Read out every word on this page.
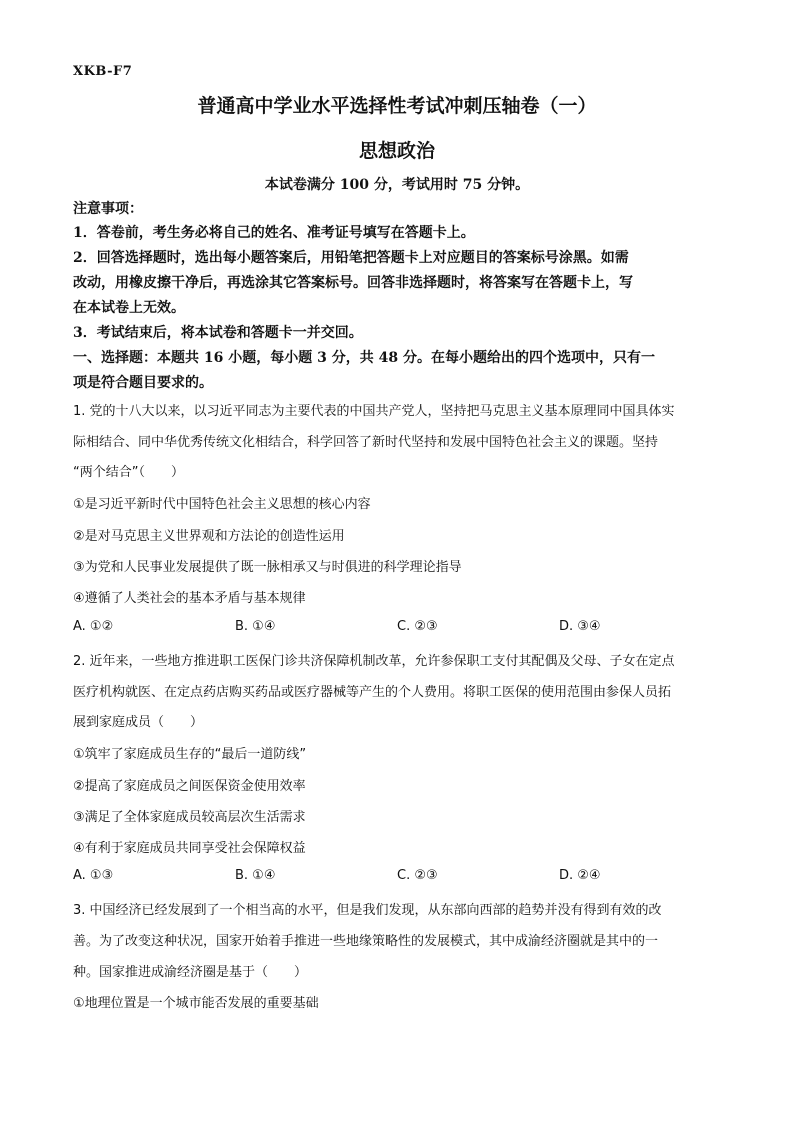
XKB-F7
普通高中学业水平选择性考试冲刺压轴卷（一）
思想政治
本试卷满分 100 分，考试用时 75 分钟。
注意事项：
1．答卷前，考生务必将自己的姓名、准考证号填写在答题卡上。
2．回答选择题时，选出每小题答案后，用铅笔把答题卡上对应题目的答案标号涂黑。如需
改动，用橡皮擦干净后，再选涂其它答案标号。回答非选择题时，将答案写在答题卡上，写
在本试卷上无效。
3．考试结束后，将本试卷和答题卡一并交回。
一、选择题：本题共 16 小题，每小题 3 分，共 48 分。在每小题给出的四个选项中，只有一
项是符合题目要求的。
1. 党的十八大以来，以习近平同志为主要代表的中国共产党人，坚持把马克思主义基本原理同中国具体实
际相结合、同中华优秀传统文化相结合，科学回答了新时代坚持和发展中国特色社会主义的课题。坚持
“两个结合”（　　）
①是习近平新时代中国特色社会主义思想的核心内容
②是对马克思主义世界观和方法论的创造性运用
③为党和人民事业发展提供了既一脉相承又与时俱进的科学理论指导
④遵循了人类社会的基本矛盾与基本规律
A. ①②	B. ①④	C. ②③	D. ③④
2. 近年来，一些地方推进职工医保门诊共济保障机制改革，允许参保职工支付其配偶及父母、子女在定点
医疗机构就医、在定点药店购买药品或医疗器械等产生的个人费用。将职工医保的使用范围由参保人员拓
展到家庭成员（　　）
①筑牢了家庭成员生存的“最后一道防线”
②提高了家庭成员之间医保资金使用效率
③满足了全体家庭成员较高层次生活需求
④有利于家庭成员共同享受社会保障权益
A. ①③	B. ①④	C. ②③	D. ②④
3. 中国经济已经发展到了一个相当高的水平，但是我们发现，从东部向西部的趋势并没有得到有效的改
善。为了改变这种状况，国家开始着手推进一些地缘策略性的发展模式，其中成渝经济圈就是其中的一
种。国家推进成渝经济圈是基于（　　）
①地理位置是一个城市能否发展的重要基础
